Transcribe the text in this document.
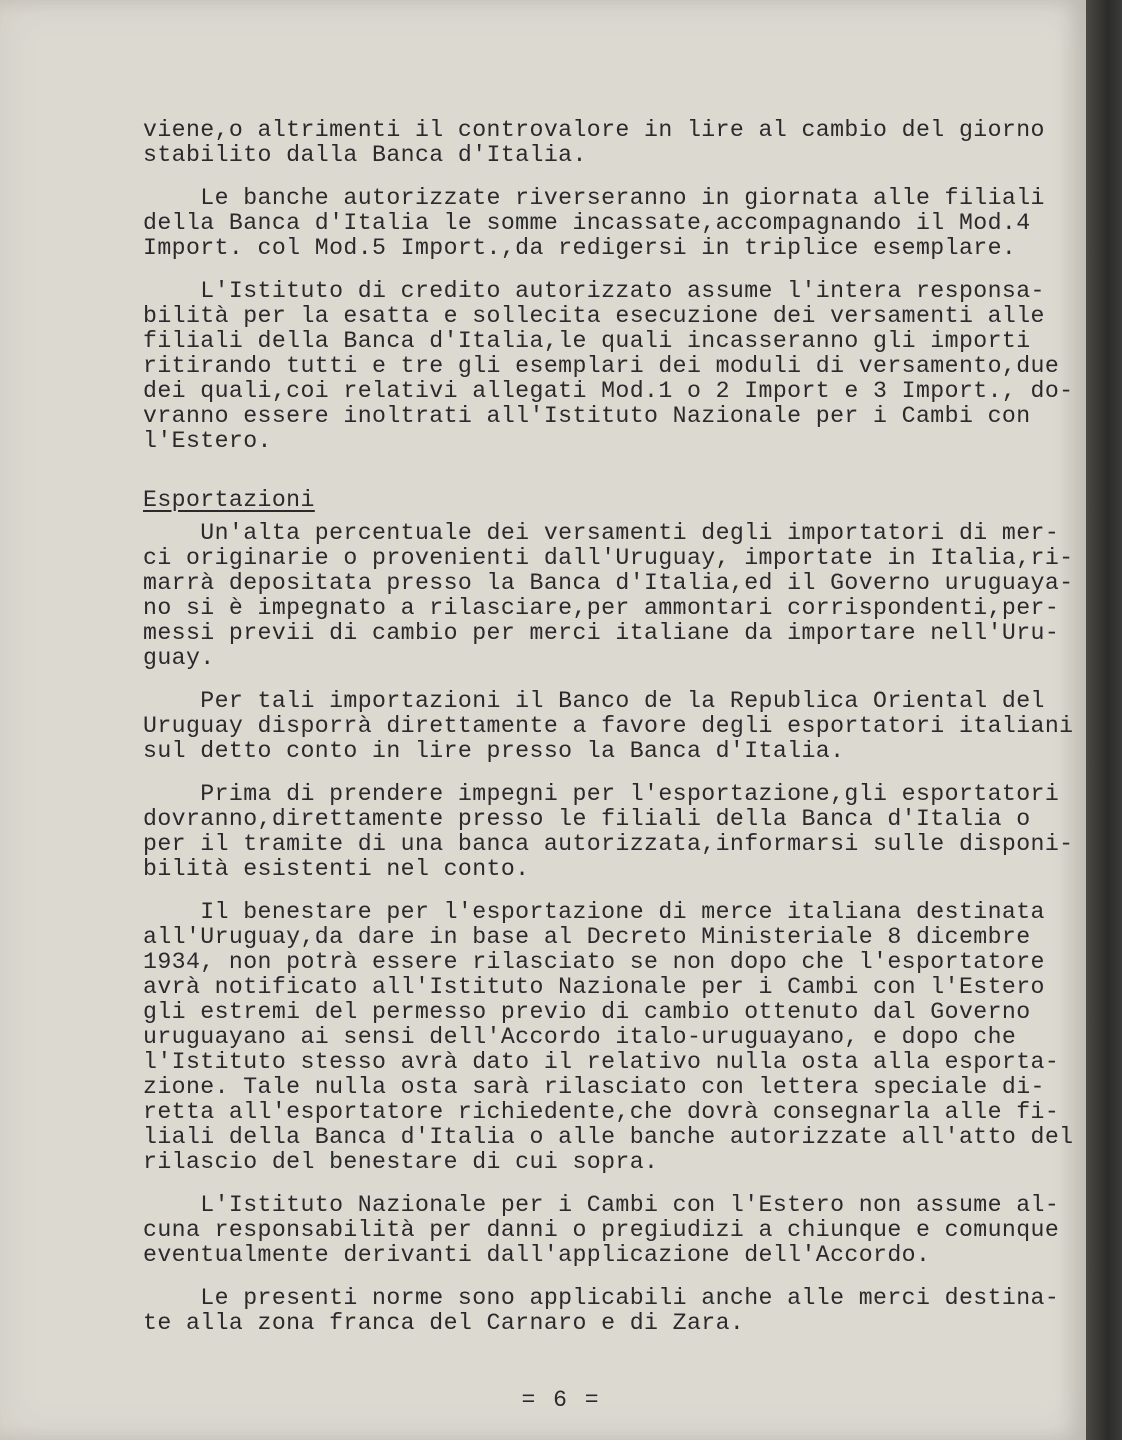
viene,o altrimenti il controvalore in lire al cambio del giorno
stabilito dalla Banca d'Italia.
Le banche autorizzate riverseranno in giornata alle filiali
della Banca d'Italia le somme incassate,accompagnando il Mod.4
Import. col Mod.5 Import.,da redigersi in triplice esemplare.
L'Istituto di credito autorizzato assume l'intera responsa-
bilità per la esatta e sollecita esecuzione dei versamenti alle
filiali della Banca d'Italia,le quali incasseranno gli importi
ritirando tutti e tre gli esemplari dei moduli di versamento,due
dei quali,coi relativi allegati Mod.1 o 2 Import e 3 Import., do-
vranno essere inoltrati all'Istituto Nazionale per i Cambi con
l'Estero.
Esportazioni
Un'alta percentuale dei versamenti degli importatori di mer-
ci originarie o provenienti dall'Uruguay, importate in Italia,ri-
marrà depositata presso la Banca d'Italia,ed il Governo uruguaya-
no si è impegnato a rilasciare,per ammontari corrispondenti,per-
messi previi di cambio per merci italiane da importare nell'Uru-
guay.
Per tali importazioni il Banco de la Republica Oriental del
Uruguay disporrà direttamente a favore degli esportatori italiani
sul detto conto in lire presso la Banca d'Italia.
Prima di prendere impegni per l'esportazione,gli esportatori
dovranno,direttamente presso le filiali della Banca d'Italia o
per il tramite di una banca autorizzata,informarsi sulle disponi-
bilità esistenti nel conto.
Il benestare per l'esportazione di merce italiana destinata
all'Uruguay,da dare in base al Decreto Ministeriale 8 dicembre
1934, non potrà essere rilasciato se non dopo che l'esportatore
avrà notificato all'Istituto Nazionale per i Cambi con l'Estero
gli estremi del permesso previo di cambio ottenuto dal Governo
uruguayano ai sensi dell'Accordo italo-uruguayano, e dopo che
l'Istituto stesso avrà dato il relativo nulla osta alla esporta-
zione. Tale nulla osta sarà rilasciato con lettera speciale di-
retta all'esportatore richiedente,che dovrà consegnarla alle fi-
liali della Banca d'Italia o alle banche autorizzate all'atto del
rilascio del benestare di cui sopra.
L'Istituto Nazionale per i Cambi con l'Estero non assume al-
cuna responsabilità per danni o pregiudizi a chiunque e comunque
eventualmente derivanti dall'applicazione dell'Accordo.
Le presenti norme sono applicabili anche alle merci destina-
te alla zona franca del Carnaro e di Zara.
= 6 =
